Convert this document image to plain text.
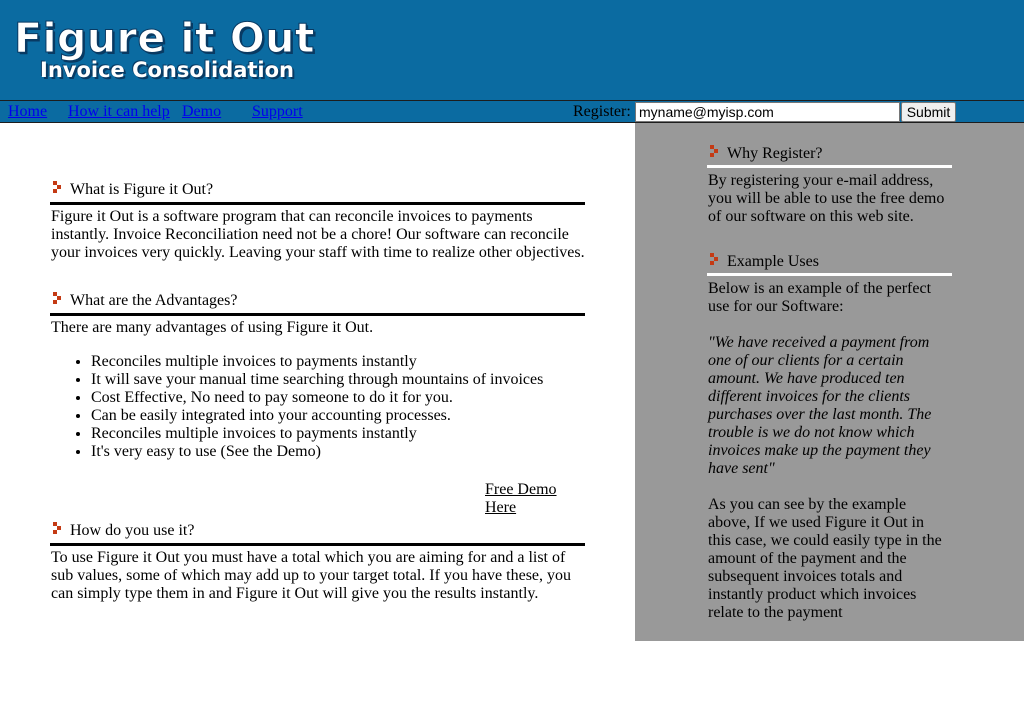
Figure it Out
Invoice Consolidation
Home How it can help Demo Support	Register:
myname@myisp.com	Submit
What is Figure it Out?

Figure it Out is a software program that can reconcile invoices to payments instantly. Invoice Reconciliation need not be a chore! Our software can reconcile your invoices very quickly. Leaving your staff with time to realize other objectives.

What are the Advantages?

There are many advantages of using Figure it Out.

• Reconciles multiple invoices to payments instantly
• It will save your manual time searching through mountains of invoices
• Cost Effective, No need to pay someone to do it for you.
• Can be easily integrated into your accounting processes.
• Reconciles multiple invoices to payments instantly
• It's very easy to use (See the Demo)
Free Demo Here
How do you use it?

To use Figure it Out you must have a total which you are aiming for and a list of sub values, some of which may add up to your target total. If you have these, you can simply type them in and Figure it Out will give you the results instantly.

Why Register?

By registering your e-mail address, you will be able to use the free demo of our software on this web site.

Example Uses

Below is an example of the perfect use for our Software:

"We have received a payment from one of our clients for a certain amount. We have produced ten different invoices for the clients purchases over the last month. The trouble is we do not know which invoices make up the payment they have sent"

As you can see by the example above, If we used Figure it Out in this case, we could easily type in the amount of the payment and the subsequent invoices totals and instantly product which invoices relate to the payment
